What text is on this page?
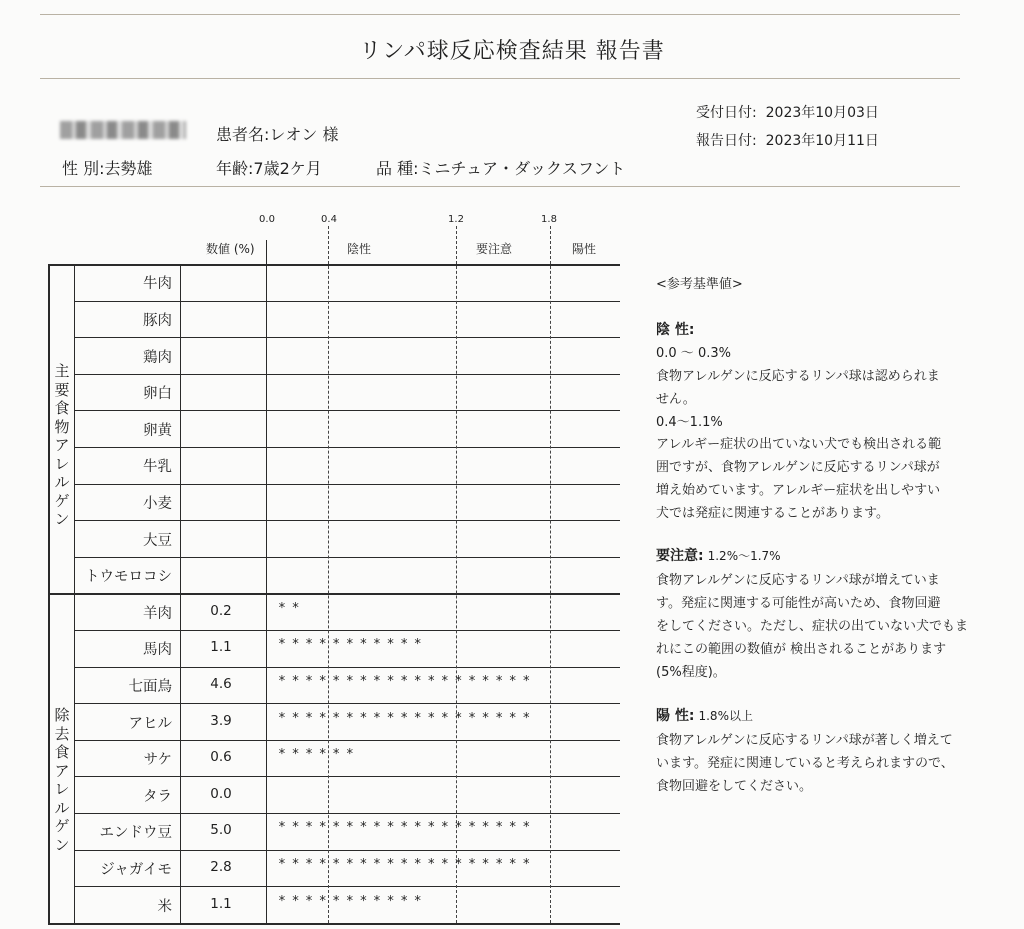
リンパ球反応検査結果 報告書
患者名:レオン 様
性 別:去勢雄	年齢:7歳2ケ月	品 種:ミニチュア・ダックスフント
受付日付: 2023年10月03日
報告日付: 2023年10月11日
0.0	0.4	1.2	1.8
数値 (%)	陰性	要注意	陽性
主要食物アレルゲン
除去食アレルゲン
牛肉
豚肉
鶏肉
卵白
卵黄
牛乳
小麦
大豆
トウモロコシ
羊肉	0.2	**
馬肉	1.1	***********
七面鳥	4.6	*******************
アヒル	3.9	*******************
サケ	0.6	******
タラ	0.0
エンドウ豆	5.0	*******************
ジャガイモ	2.8	*******************
米	1.1	***********
<参考基準値>
陰 性:
0.0 ～ 0.3%
食物アレルゲンに反応するリンパ球は認められま
せん。
0.4～1.1%
アレルギー症状の出ていない犬でも検出される範
囲ですが、食物アレルゲンに反応するリンパ球が
増え始めています。アレルギー症状を出しやすい
犬では発症に関連することがあります。
要注意: 1.2%～1.7%
食物アレルゲンに反応するリンパ球が増えていま
す。発症に関連する可能性が高いため、食物回避
をしてください。ただし、症状の出ていない犬でもま
れにこの範囲の数値が 検出されることがあります
(5%程度)。
陽 性: 1.8%以上
食物アレルゲンに反応するリンパ球が著しく増えて
います。発症に関連していると考えられますので、
食物回避をしてください。
